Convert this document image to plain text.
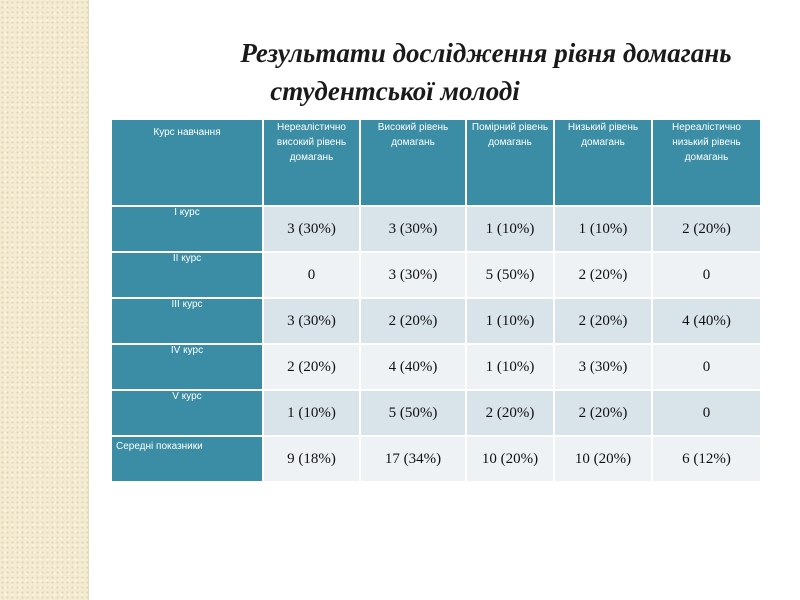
Результати дослідження рівня домагань
студентської молоді
Курс навчання	Нереалістично високий рівень домагань	Високий рівень домагань	Помірний рівень домагань	Низький рівень домагань	Нереалістично низький рівень домагань
І курс	3 (30%)	3 (30%)	1 (10%)	1 (10%)	2 (20%)
ІІ курс	0	3 (30%)	5 (50%)	2 (20%)	0
ІІІ курс	3 (30%)	2 (20%)	1 (10%)	2 (20%)	4 (40%)
ІV курс	2 (20%)	4 (40%)	1 (10%)	3 (30%)	0
V курс	1 (10%)	5 (50%)	2 (20%)	2 (20%)	0
Середні показники	9 (18%)	17 (34%)	10 (20%)	10 (20%)	6 (12%)
